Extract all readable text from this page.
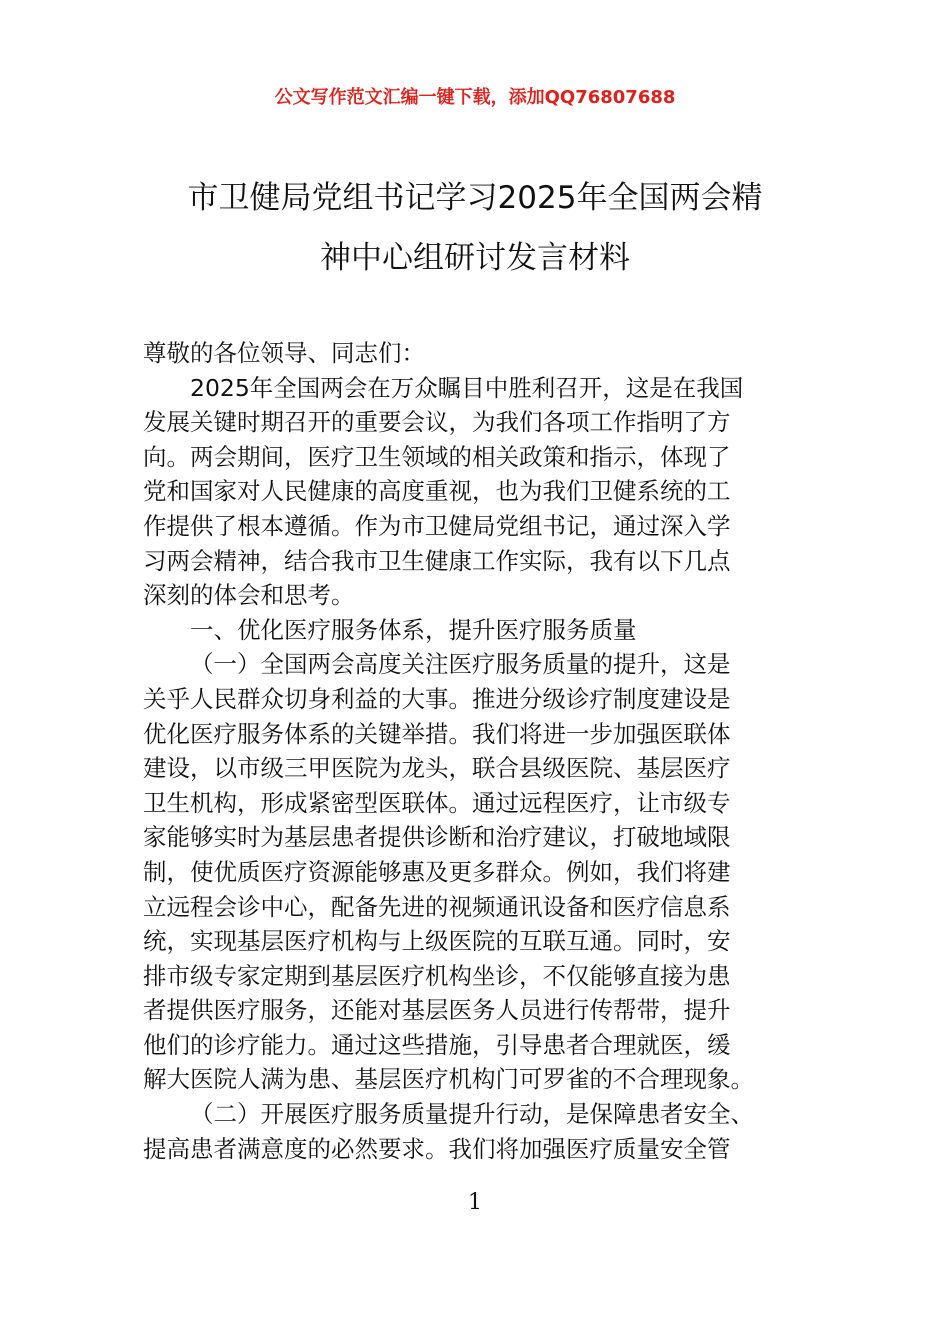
公文写作范文汇编一键下载，添加QQ76807688
市卫健局党组书记学习2025年全国两会精
神中心组研讨发言材料
尊敬的各位领导、同志们：
2025年全国两会在万众瞩目中胜利召开，这是在我国
发展关键时期召开的重要会议，为我们各项工作指明了方
向。两会期间，医疗卫生领域的相关政策和指示，体现了
党和国家对人民健康的高度重视，也为我们卫健系统的工
作提供了根本遵循。作为市卫健局党组书记，通过深入学
习两会精神，结合我市卫生健康工作实际，我有以下几点
深刻的体会和思考。
一、优化医疗服务体系，提升医疗服务质量
（一）全国两会高度关注医疗服务质量的提升，这是
关乎人民群众切身利益的大事。推进分级诊疗制度建设是
优化医疗服务体系的关键举措。我们将进一步加强医联体
建设，以市级三甲医院为龙头，联合县级医院、基层医疗
卫生机构，形成紧密型医联体。通过远程医疗，让市级专
家能够实时为基层患者提供诊断和治疗建议，打破地域限
制，使优质医疗资源能够惠及更多群众。例如，我们将建
立远程会诊中心，配备先进的视频通讯设备和医疗信息系
统，实现基层医疗机构与上级医院的互联互通。同时，安
排市级专家定期到基层医疗机构坐诊，不仅能够直接为患
者提供医疗服务，还能对基层医务人员进行传帮带，提升
他们的诊疗能力。通过这些措施，引导患者合理就医，缓
解大医院人满为患、基层医疗机构门可罗雀的不合理现象。
（二）开展医疗服务质量提升行动，是保障患者安全、
提高患者满意度的必然要求。我们将加强医疗质量安全管
1
